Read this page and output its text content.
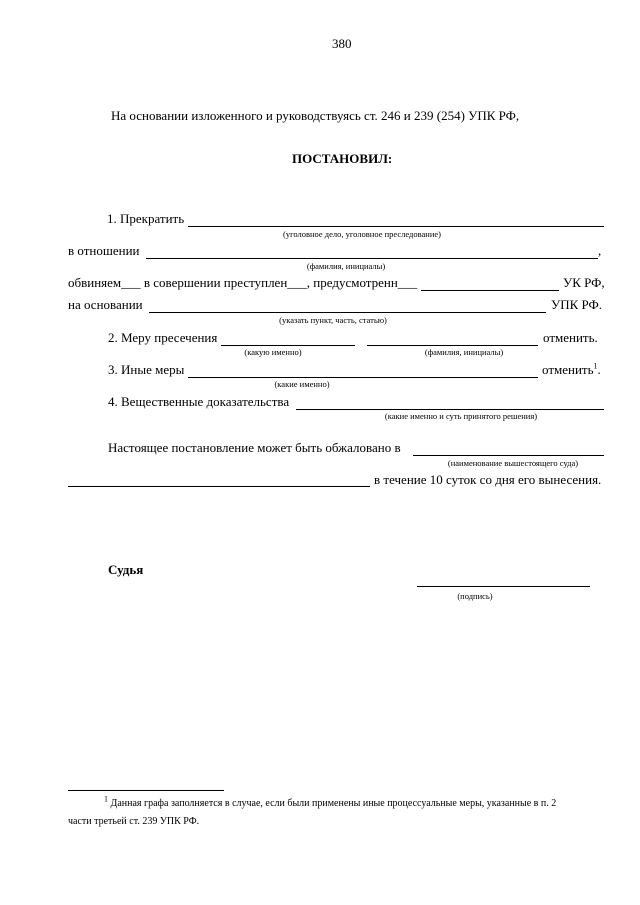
380
На основании изложенного и руководствуясь ст. 246 и 239 (254) УПК РФ,
ПОСТАНОВИЛ:
1. Прекратить
(уголовное дело, уголовное преследование)
в отношении	,
(фамилия, инициалы)
обвиняем___ в совершении преступлен___, предусмотренн___	УК РФ,
на основании	УПК РФ.
(указать пункт, часть, статью)
2. Меру пресечения	отменить.
(какую именно)	(фамилия, инициалы)
3. Иные меры	отменить$^1$.
(какие именно)
4. Вещественные доказательства
(какие именно и суть принятого решения)
Настоящее постановление может быть обжаловано в
(наименование вышестоящего суда)
в течение 10 суток со дня его вынесения.
Судья
(подпись)
$^1$ Данная графа заполняется в случае, если были применены иные процессуальные меры, указанные в п. 2
части третьей ст. 239 УПК РФ.
